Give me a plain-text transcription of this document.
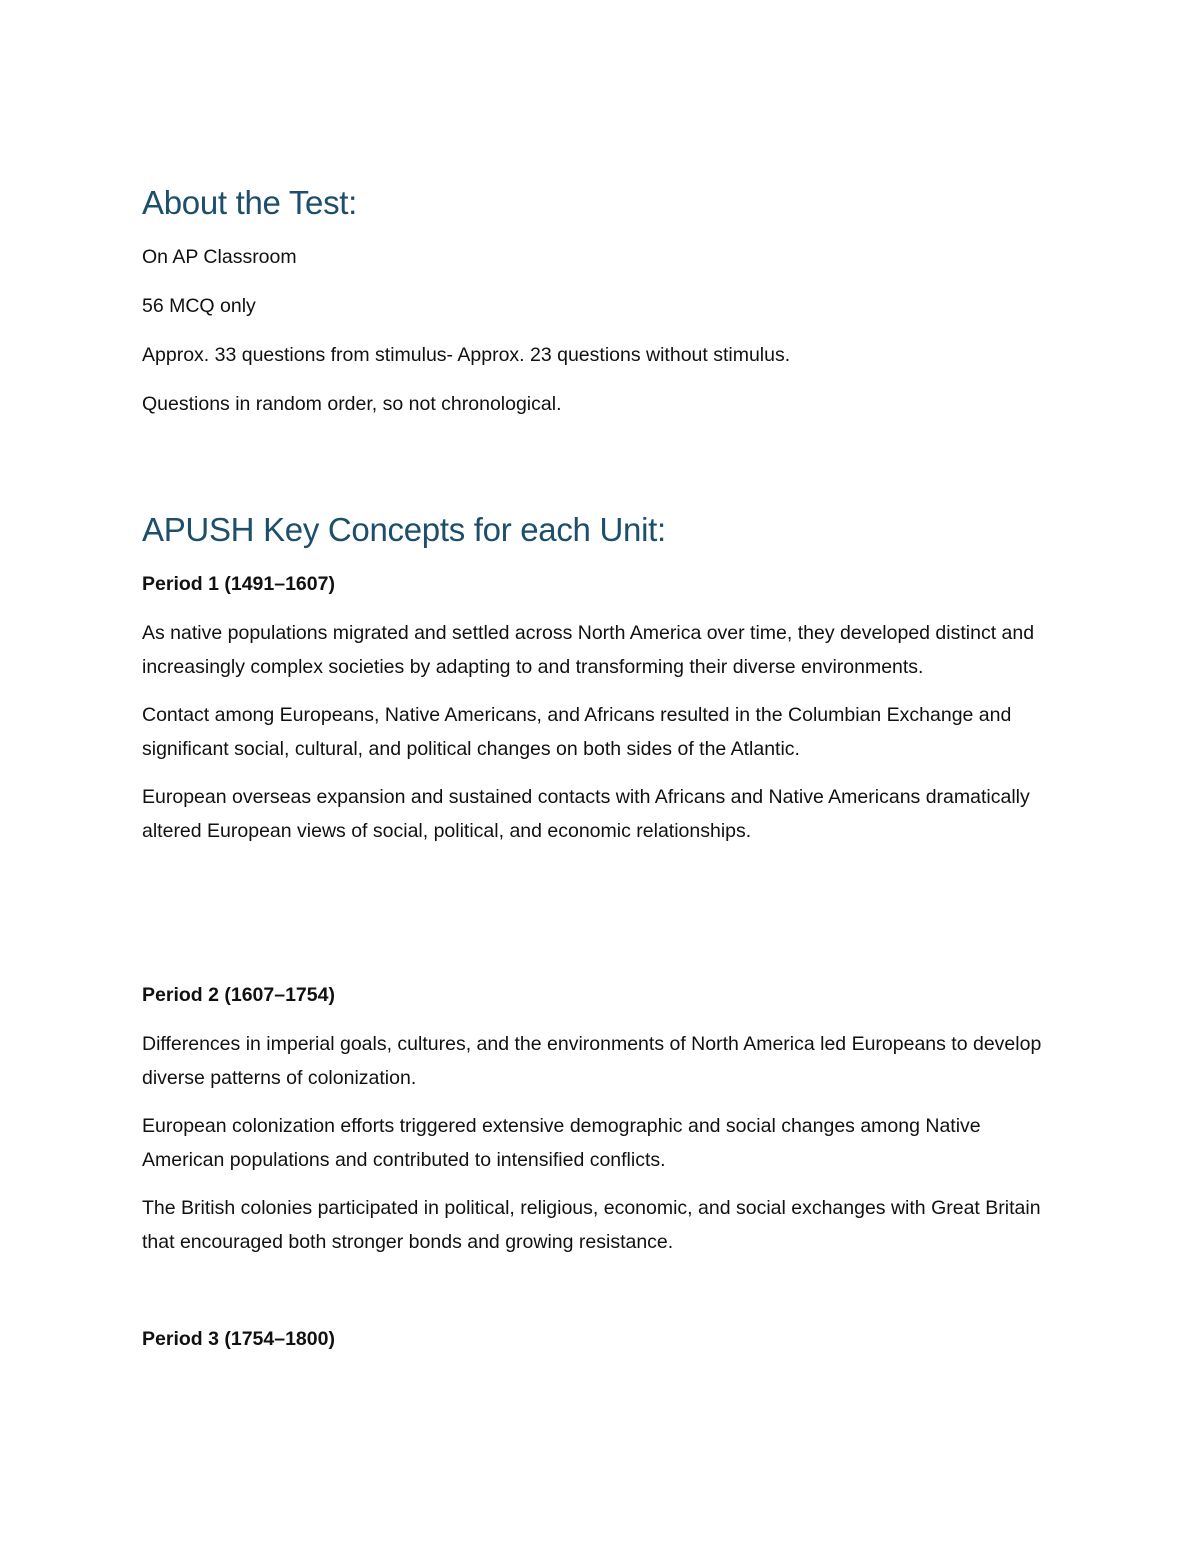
About the Test:

On AP Classroom

56 MCQ only

Approx. 33 questions from stimulus- Approx. 23 questions without stimulus.

Questions in random order, so not chronological.

APUSH Key Concepts for each Unit:

Period 1 (1491–1607)

As native populations migrated and settled across North America over time, they developed distinct and increasingly complex societies by adapting to and transforming their diverse environments.

Contact among Europeans, Native Americans, and Africans resulted in the Columbian Exchange and significant social, cultural, and political changes on both sides of the Atlantic.

European overseas expansion and sustained contacts with Africans and Native Americans dramatically altered European views of social, political, and economic relationships.

Period 2 (1607–1754)

Differences in imperial goals, cultures, and the environments of North America led Europeans to develop diverse patterns of colonization.

European colonization efforts triggered extensive demographic and social changes among Native American populations and contributed to intensified conflicts.

The British colonies participated in political, religious, economic, and social exchanges with Great Britain that encouraged both stronger bonds and growing resistance.

Period 3 (1754–1800)
